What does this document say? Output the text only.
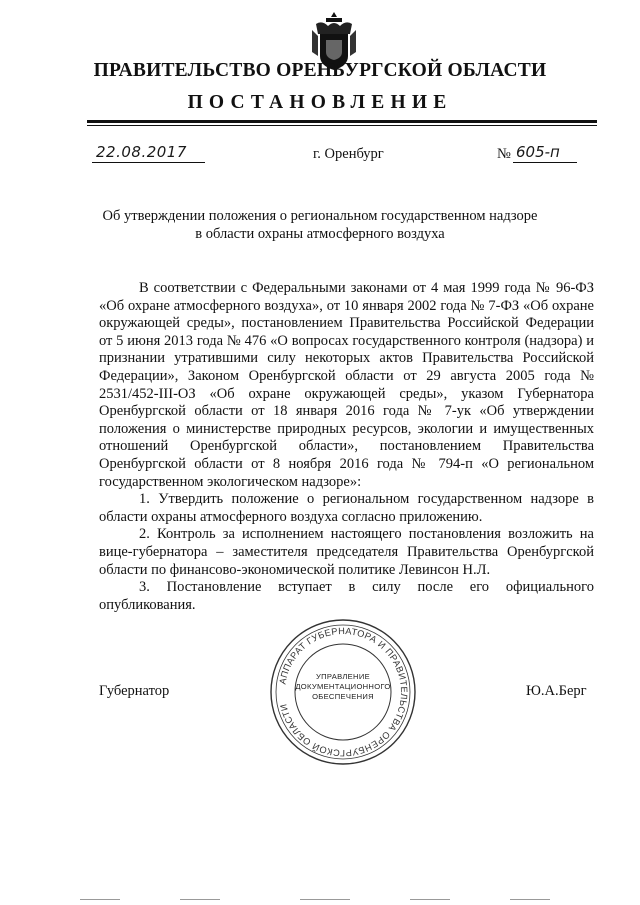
ПРАВИТЕЛЬСТВО ОРЕНБУРГСКОЙ ОБЛАСТИ
ПОСТАНОВЛЕНИЕ
22.08.2017	г. Оренбург	№ 605-п
Об утверждении положения о региональном государственном надзоре
в области охраны атмосферного воздуха

В соответствии с Федеральными законами от 4 мая 1999 года № 96-ФЗ «Об охране атмосферного воздуха», от 10 января 2002 года № 7-ФЗ «Об охране окружающей среды», постановлением Правительства Российской Федерации от 5 июня 2013 года № 476 «О вопросах государственного контроля (надзора) и признании утратившими силу некоторых актов Правительства Российской Федерации», Законом Оренбургской области от 29 августа 2005 года № 2531/452-III-ОЗ «Об охране окружающей среды», указом Губернатора Оренбургской области от 18 января 2016 года № 7-ук «Об утверждении положения о министерстве природных ресурсов, экологии и имущественных отношений Оренбургской области», постановлением Правительства Оренбургской области от 8 ноября 2016 года № 794-п «О региональном государственном экологическом надзоре»:

1. Утвердить положение о региональном государственном надзоре в области охраны атмосферного воздуха согласно приложению.

2. Контроль за исполнением настоящего постановления возложить на вице-губернатора – заместителя председателя Правительства Оренбургской области по финансово-экономической политике Левинсон Н.Л.

3. Постановление вступает в силу после его официального опубликования.

АППАРАТ ГУБЕРНАТОРА И ПРАВИТЕЛЬСТВА ОРЕНБУРГСКОЙ ОБЛАСТИ
УПРАВЛЕНИЕ
ДОКУМЕНТАЦИОННОГО
ОБЕСПЕЧЕНИЯ
Губернатор	Ю.А.Берг
